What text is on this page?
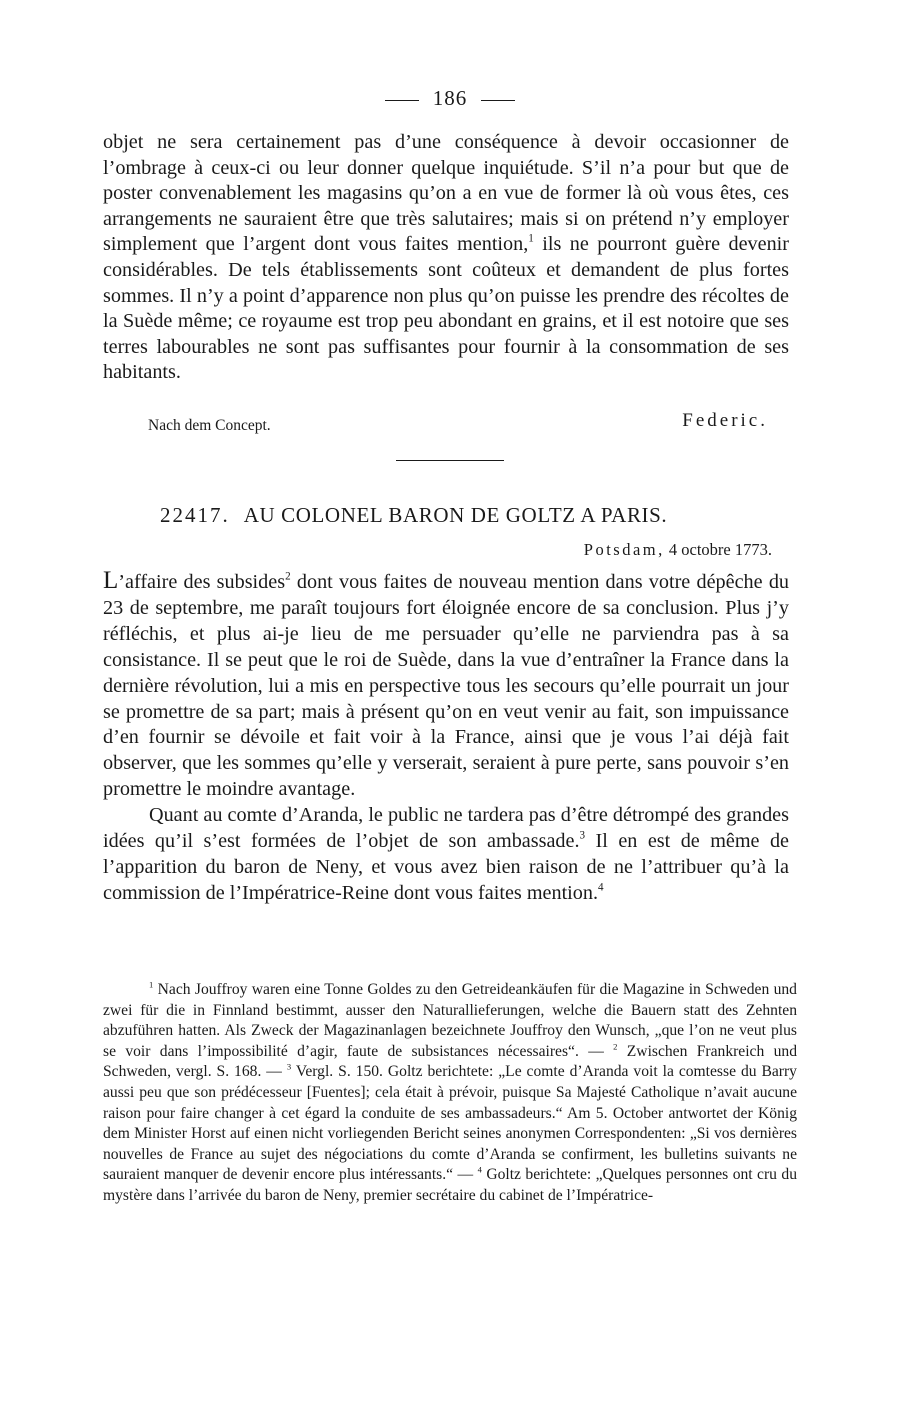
186

objet ne sera certainement pas d’une conséquence à devoir occasionner de l’ombrage à ceux-ci ou leur donner quelque inquiétude. S’il n’a pour but que de poster convenablement les magasins qu’on a en vue de former là où vous êtes, ces arrangements ne sauraient être que très salutaires; mais si on prétend n’y employer simplement que l’argent dont vous faites mention,$^1$ ils ne pourront guère devenir considérables. De tels établissements sont coûteux et demandent de plus fortes sommes. Il n’y a point d’apparence non plus qu’on puisse les prendre des récoltes de la Suède même; ce royaume est trop peu abondant en grains, et il est notoire que ses terres labourables ne sont pas suffisantes pour fournir à la consommation de ses habitants.

Nach dem Concept.	Federic.
22417. AU COLONEL BARON DE GOLTZ A PARIS.
Potsdam, 4 octobre 1773.

L’affaire des subsides$^2$ dont vous faites de nouveau mention dans votre dépêche du 23 de septembre, me paraît toujours fort éloignée encore de sa conclusion. Plus j’y réfléchis, et plus ai-je lieu de me persuader qu’elle ne parviendra pas à sa consistance. Il se peut que le roi de Suède, dans la vue d’entraîner la France dans la dernière révolution, lui a mis en perspective tous les secours qu’elle pourrait un jour se promettre de sa part; mais à présent qu’on en veut venir au fait, son impuissance d’en fournir se dévoile et fait voir à la France, ainsi que je vous l’ai déjà fait observer, que les sommes qu’elle y verserait, seraient à pure perte, sans pouvoir s’en promettre le moindre avantage.

Quant au comte d’Aranda, le public ne tardera pas d’être détrompé des grandes idées qu’il s’est formées de l’objet de son ambassade.$^3$ Il en est de même de l’apparition du baron de Neny, et vous avez bien raison de ne l’attribuer qu’à la commission de l’Impératrice-Reine dont vous faites mention.$^4$

$^1$ Nach Jouffroy waren eine Tonne Goldes zu den Getreideankäufen für die Magazine in Schweden und zwei für die in Finnland bestimmt, ausser den Naturallieferungen, welche die Bauern statt des Zehnten abzuführen hatten. Als Zweck der Magazinanlagen bezeichnete Jouffroy den Wunsch, „que l’on ne veut plus se voir dans l’impossibilité d’agir, faute de subsistances nécessaires“. — $^2$ Zwischen Frankreich und Schweden, vergl. S. 168. — $^3$ Vergl. S. 150. Goltz berichtete: „Le comte d’Aranda voit la comtesse du Barry aussi peu que son prédécesseur [Fuentes]; cela était à prévoir, puisque Sa Majesté Catholique n’avait aucune raison pour faire changer à cet égard la conduite de ses ambassadeurs.“ Am 5. October antwortet der König dem Minister Horst auf einen nicht vorliegenden Bericht seines anonymen Correspondenten: „Si vos dernières nouvelles de France au sujet des négociations du comte d’Aranda se confirment, les bulletins suivants ne sauraient manquer de devenir encore plus intéressants.“ — $^4$ Goltz berichtete: „Quelques personnes ont cru du mystère dans l’arrivée du baron de Neny, premier secrétaire du cabinet de l’Impératrice-
